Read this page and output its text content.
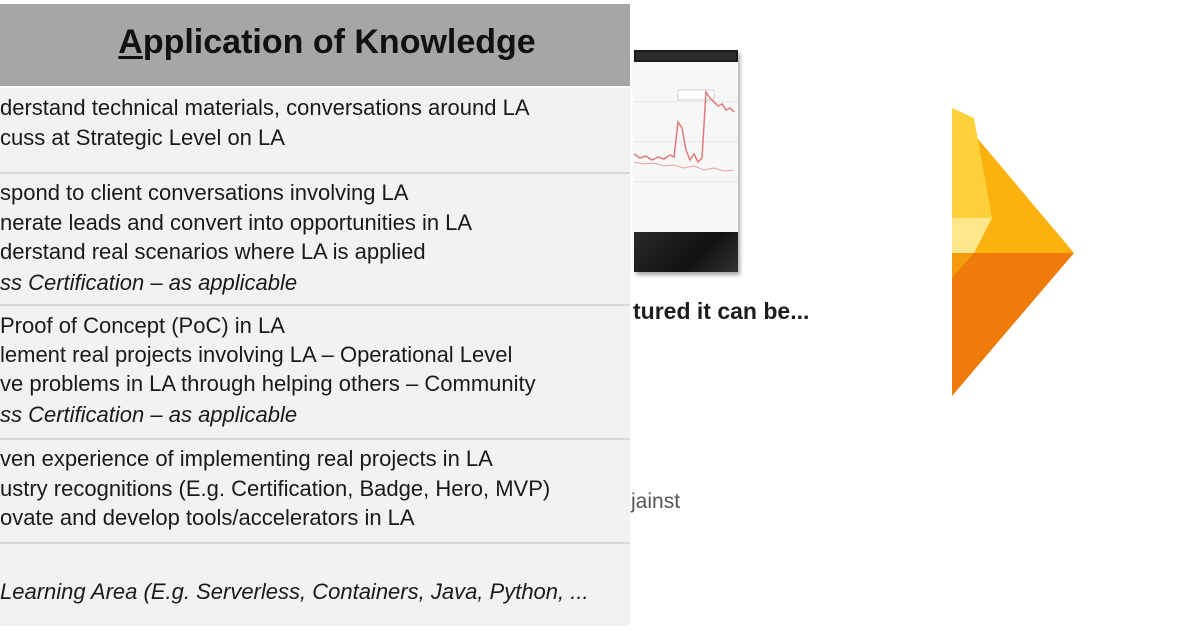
Application of Knowledge
derstand technical materials, conversations around LA
cuss at Strategic Level on LA
spond to client conversations involving LA
nerate leads and convert into opportunities in LA
derstand real scenarios where LA is applied
ss Certification – as applicable
Proof of Concept (PoC) in LA
lement real projects involving LA – Operational Level
ve problems in LA through helping others – Community
ss Certification – as applicable
ven experience of implementing real projects in LA
ustry recognitions (E.g. Certification, Badge, Hero, MVP)
ovate and develop tools/accelerators in LA
Learning Area (E.g. Serverless, Containers, Java, Python, ...
tured it can be...
jainst
